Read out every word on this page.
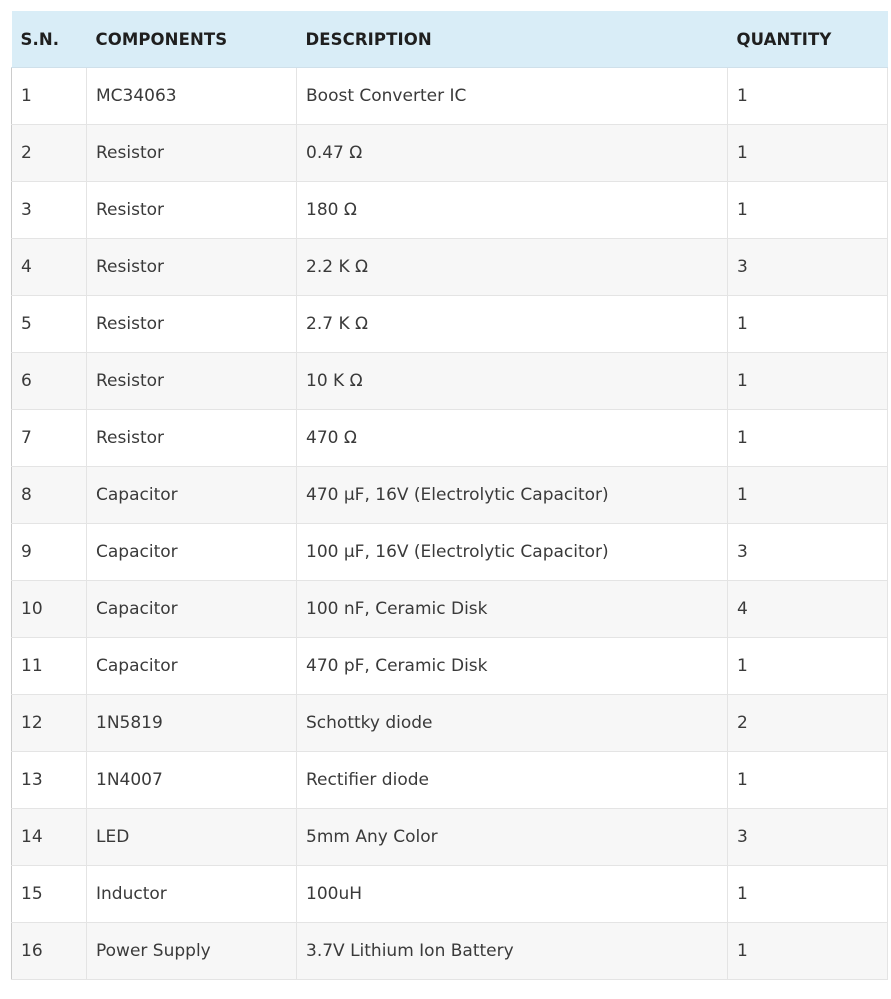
S.N.	COMPONENTS	DESCRIPTION	QUANTITY
1	MC34063	Boost Converter IC	1
2	Resistor	0.47 Ω	1
3	Resistor	180 Ω	1
4	Resistor	2.2 K Ω	3
5	Resistor	2.7 K Ω	1
6	Resistor	10 K Ω	1
7	Resistor	470 Ω	1
8	Capacitor	470 µF, 16V (Electrolytic Capacitor)	1
9	Capacitor	100 µF, 16V (Electrolytic Capacitor)	3
10	Capacitor	100 nF, Ceramic Disk	4
11	Capacitor	470 pF, Ceramic Disk	1
12	1N5819	Schottky diode	2
13	1N4007	Rectifier diode	1
14	LED	5mm Any Color	3
15	Inductor	100uH	1
16	Power Supply	3.7V Lithium Ion Battery	1
